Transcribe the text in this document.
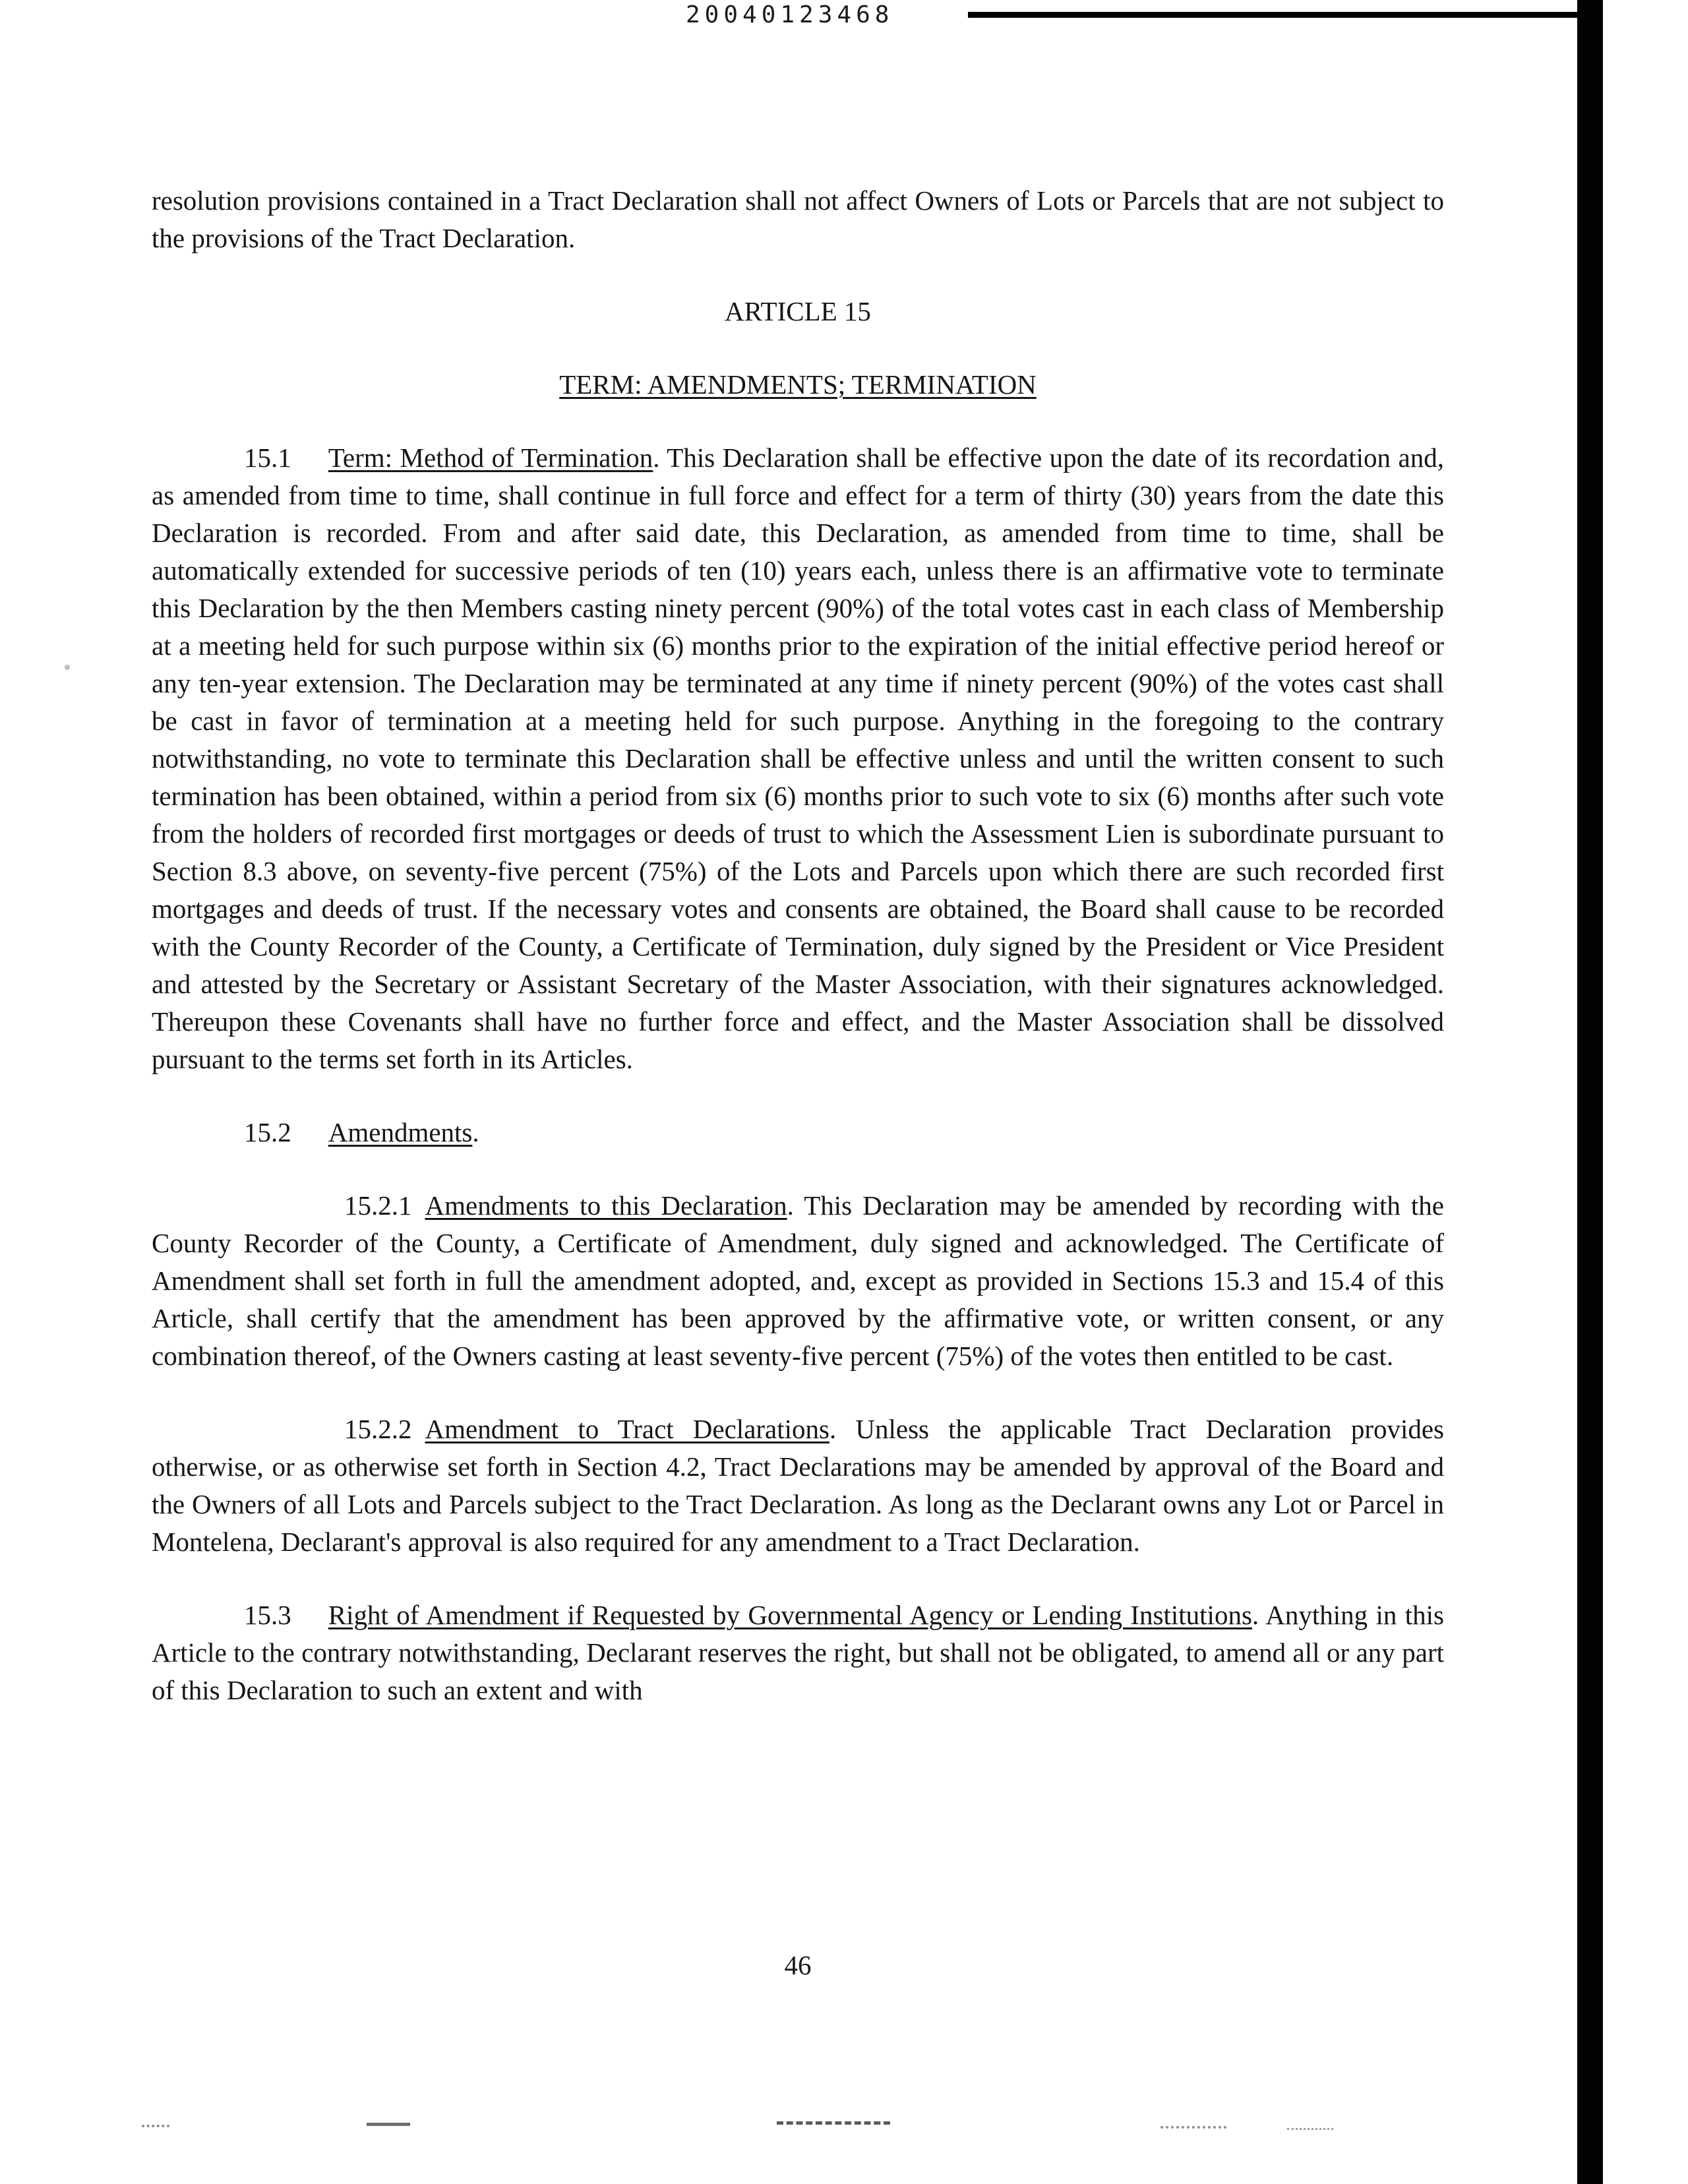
20040123468

resolution provisions contained in a Tract Declaration shall not affect Owners of Lots or Parcels that are not subject to the provisions of the Tract Declaration.

ARTICLE 15
TERM: AMENDMENTS; TERMINATION

15.1 Term: Method of Termination. This Declaration shall be effective upon the date of its recordation and, as amended from time to time, shall continue in full force and effect for a term of thirty (30) years from the date this Declaration is recorded. From and after said date, this Declaration, as amended from time to time, shall be automatically extended for successive periods of ten (10) years each, unless there is an affirmative vote to terminate this Declaration by the then Members casting ninety percent (90%) of the total votes cast in each class of Membership at a meeting held for such purpose within six (6) months prior to the expiration of the initial effective period hereof or any ten-year extension. The Declaration may be terminated at any time if ninety percent (90%) of the votes cast shall be cast in favor of termination at a meeting held for such purpose. Anything in the foregoing to the contrary notwithstanding, no vote to terminate this Declaration shall be effective unless and until the written consent to such termination has been obtained, within a period from six (6) months prior to such vote to six (6) months after such vote from the holders of recorded first mortgages or deeds of trust to which the Assessment Lien is subordinate pursuant to Section 8.3 above, on seventy-five percent (75%) of the Lots and Parcels upon which there are such recorded first mortgages and deeds of trust. If the necessary votes and consents are obtained, the Board shall cause to be recorded with the County Recorder of the County, a Certificate of Termination, duly signed by the President or Vice President and attested by the Secretary or Assistant Secretary of the Master Association, with their signatures acknowledged. Thereupon these Covenants shall have no further force and effect, and the Master Association shall be dissolved pursuant to the terms set forth in its Articles.

15.2 Amendments.

15.2.1 Amendments to this Declaration. This Declaration may be amended by recording with the County Recorder of the County, a Certificate of Amendment, duly signed and acknowledged. The Certificate of Amendment shall set forth in full the amendment adopted, and, except as provided in Sections 15.3 and 15.4 of this Article, shall certify that the amendment has been approved by the affirmative vote, or written consent, or any combination thereof, of the Owners casting at least seventy-five percent (75%) of the votes then entitled to be cast.

15.2.2 Amendment to Tract Declarations. Unless the applicable Tract Declaration provides otherwise, or as otherwise set forth in Section 4.2, Tract Declarations may be amended by approval of the Board and the Owners of all Lots and Parcels subject to the Tract Declaration. As long as the Declarant owns any Lot or Parcel in Montelena, Declarant's approval is also required for any amendment to a Tract Declaration.

15.3 Right of Amendment if Requested by Governmental Agency or Lending Institutions. Anything in this Article to the contrary notwithstanding, Declarant reserves the right, but shall not be obligated, to amend all or any part of this Declaration to such an extent and with

46
